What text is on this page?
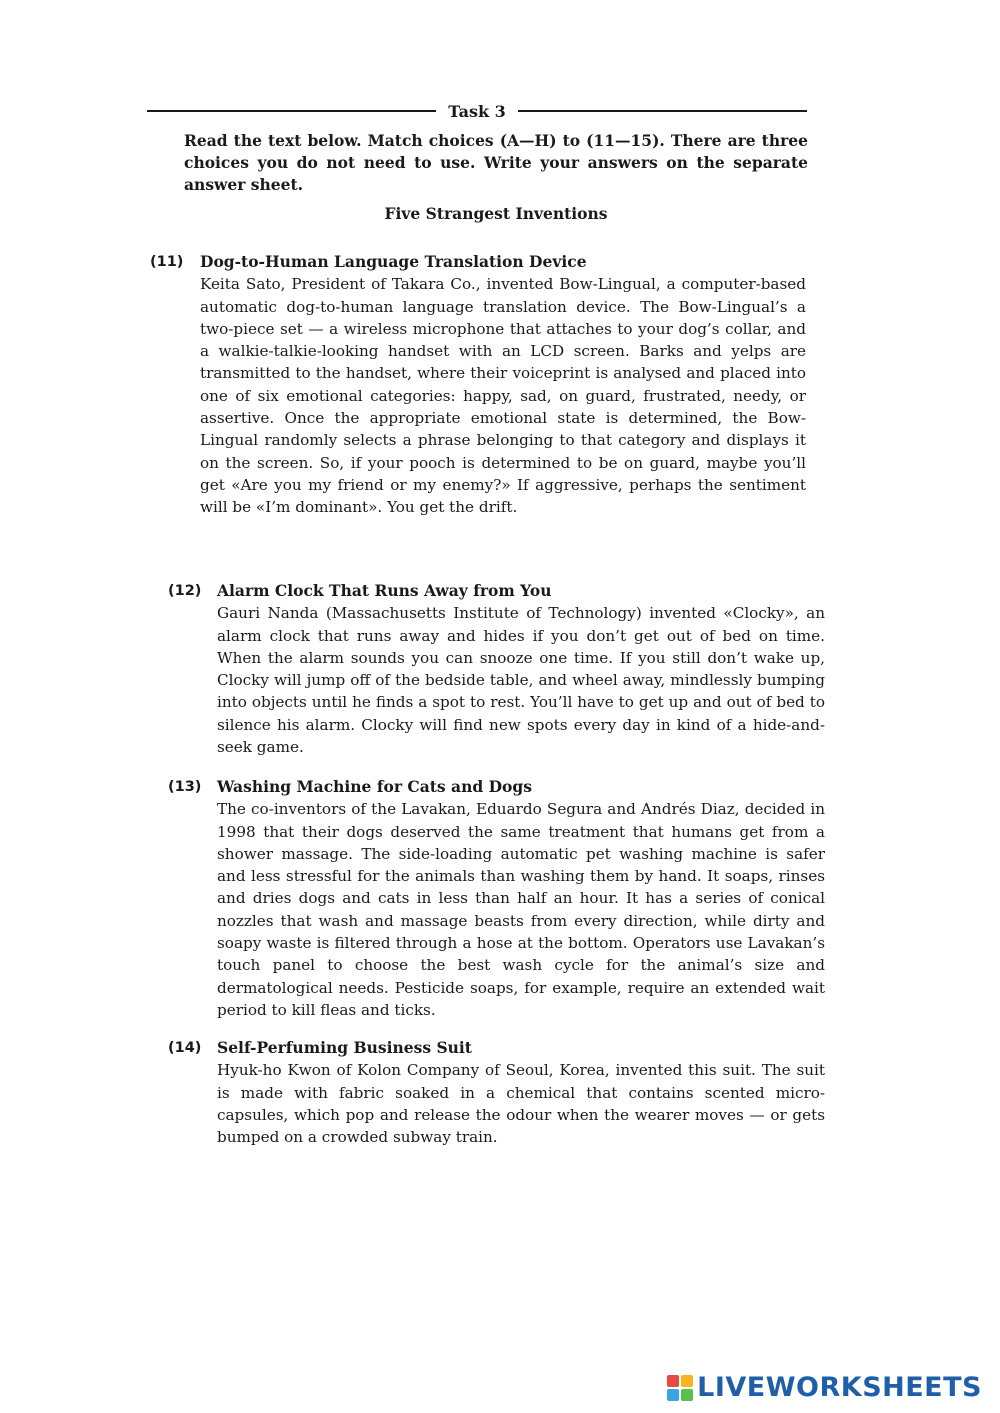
Task 3
Read the text below. Match choices (A—H) to (11—15). There are three choices you do not need to use. Write your answers on the separate answer sheet.
Five Strangest Inventions
(11) Dog-to-Human Language Translation Device
Keita Sato, President of Takara Co., invented Bow-Lingual, a computer-based automatic dog-to-human language translation device. The Bow-Lingual’s a two-piece set — a wireless microphone that attaches to your dog’s collar, and a walkie-talkie-looking handset with an LCD screen. Barks and yelps are transmitted to the handset, where their voiceprint is analysed and placed into one of six emotional categories: happy, sad, on guard, frustrated, needy, or assertive. Once the appropriate emotional state is determined, the Bow-Lingual randomly selects a phrase belonging to that category and displays it on the screen. So, if your pooch is determined to be on guard, maybe you’ll get «Are you my friend or my enemy?» If aggressive, perhaps the sentiment will be «I’m dominant». You get the drift.
(12) Alarm Clock That Runs Away from You
Gauri Nanda (Massachusetts Institute of Technology) invented «Clocky», an alarm clock that runs away and hides if you don’t get out of bed on time. When the alarm sounds you can snooze one time. If you still don’t wake up, Clocky will jump off of the bedside table, and wheel away, mindlessly bumping into objects until he finds a spot to rest. You’ll have to get up and out of bed to silence his alarm. Clocky will find new spots every day in kind of a hide-and-seek game.
(13) Washing Machine for Cats and Dogs
The co-inventors of the Lavakan, Eduardo Segura and Andrés Diaz, decided in 1998 that their dogs deserved the same treatment that humans get from a shower massage. The side-loading automatic pet washing machine is safer and less stressful for the animals than washing them by hand. It soaps, rinses and dries dogs and cats in less than half an hour. It has a series of conical nozzles that wash and massage beasts from every direction, while dirty and soapy waste is filtered through a hose at the bottom. Operators use Lavakan’s touch panel to choose the best wash cycle for the animal’s size and dermatological needs. Pesticide soaps, for example, require an extended wait period to kill fleas and ticks.
(14) Self-Perfuming Business Suit
Hyuk-ho Kwon of Kolon Company of Seoul, Korea, invented this suit. The suit is made with fabric soaked in a chemical that contains scented micro-capsules, which pop and release the odour when the wearer moves — or gets bumped on a crowded subway train.
LIVEWORKSHEETS
